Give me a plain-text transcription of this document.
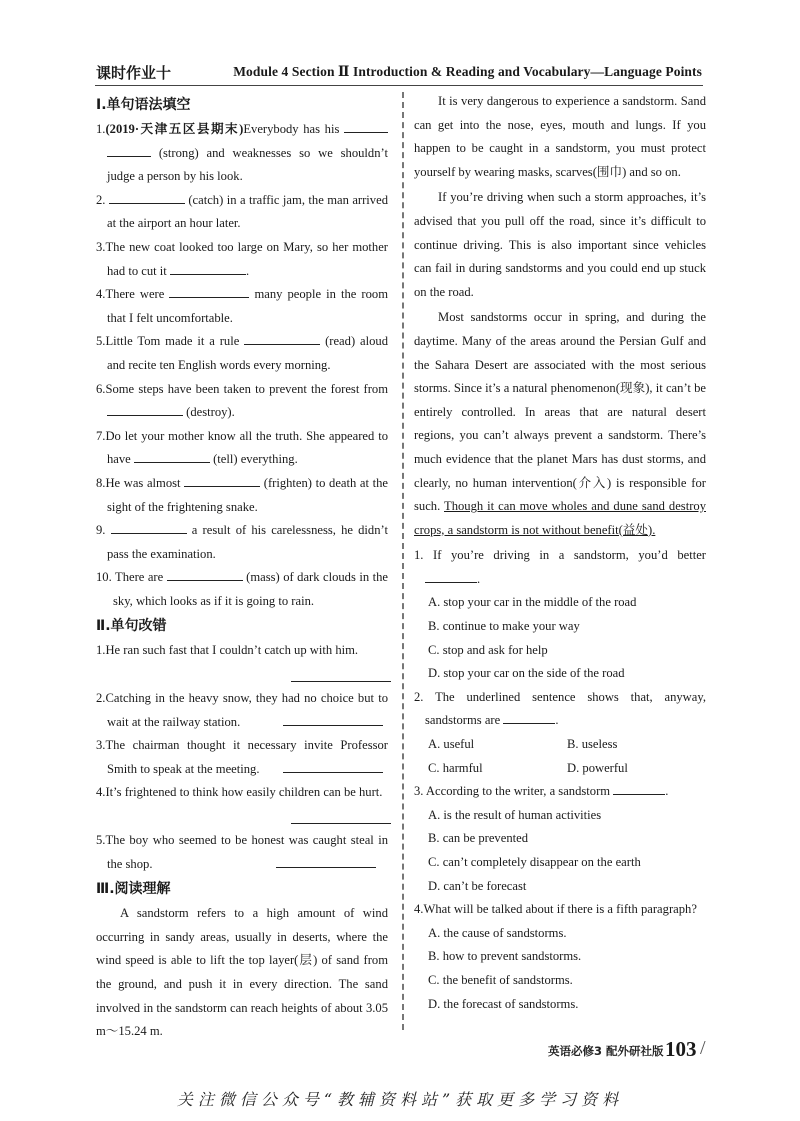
课时作业十	Module 4 Section Ⅱ Introduction & Reading and Vocabulary—Language Points
Ⅰ.单句语法填空
1.(2019·天津五区县期末)Everybody has his   (strong) and weaknesses so we shouldn’t judge a person by his look.
2.	(catch) in a traffic jam, the man arrived at the airport an hour later.
3.The new coat looked too large on Mary, so her mother had to cut it	.
4.There were	many people in the room that I felt uncomfortable.
5.Little Tom made it a rule	(read) aloud and recite ten English words every morning.
6.Some steps have been taken to prevent the forest from  (destroy).
7.Do let your mother know all the truth. She appeared to have	(tell) everything.
8.He was almost	(frighten) to death at the sight of the frightening snake.
9.	a result of his carelessness, he didn’t pass the examination.
10. There are	(mass) of dark clouds in the sky, which looks as if it is going to rain.
Ⅱ.单句改错
1.He ran such fast that I couldn’t catch up with him.
2.Catching in the heavy snow, they had no choice but to wait at the railway station.
3.The chairman thought it necessary invite Professor Smith to speak at the meeting.
4.It’s frightened to think how easily children can be hurt.
5.The boy who seemed to be honest was caught steal in the shop.
Ⅲ.阅读理解
A sandstorm refers to a high amount of wind occurring in sandy areas, usually in deserts, where the wind speed is able to lift the top layer(层) of sand from the ground, and push it in every direction. The sand involved in the sandstorm can reach heights of about 3.05 m～15.24 m.
It is very dangerous to experience a sandstorm. Sand can get into the nose, eyes, mouth and lungs. If you happen to be caught in a sandstorm, you must protect yourself by wearing masks, scarves(围巾) and so on.
If you’re driving when such a storm approaches, it’s advised that you pull off the road, since it’s difficult to continue driving. This is also important since vehicles can fail in during sandstorms and you could end up stuck on the road.
Most sandstorms occur in spring, and during the daytime. Many of the areas around the Persian Gulf and the Sahara Desert are associated with the most serious storms. Since it’s a natural phenomenon(现象), it can’t be entirely controlled. In areas that are natural desert regions, you can’t always prevent a sandstorm. There’s much evidence that the planet Mars has dust storms, and clearly, no human intervention(介入) is responsible for such. Though it can move wholes and dune sand destroy crops, a sandstorm is not without benefit(益处).
1. If you’re driving in a sandstorm, you’d better .
A. stop your car in the middle of the road
B. continue to make your way
C. stop and ask for help
D. stop your car on the side of the road
2. The underlined sentence shows that, anyway, sandstorms are	.
A. useful	B. useless
C. harmful	D. powerful
3. According to the writer, a sandstorm	.
A. is the result of human activities
B. can be prevented
C. can’t completely disappear on the earth
D. can’t be forecast
4.What will be talked about if there is a fifth paragraph?
A. the cause of sandstorms.
B. how to prevent sandstorms.
C. the benefit of sandstorms.
D. the forecast of sandstorms.
英语必修3 配外研社版 103 /
关注微信公众号“教辅资料站”获取更多学习资料
